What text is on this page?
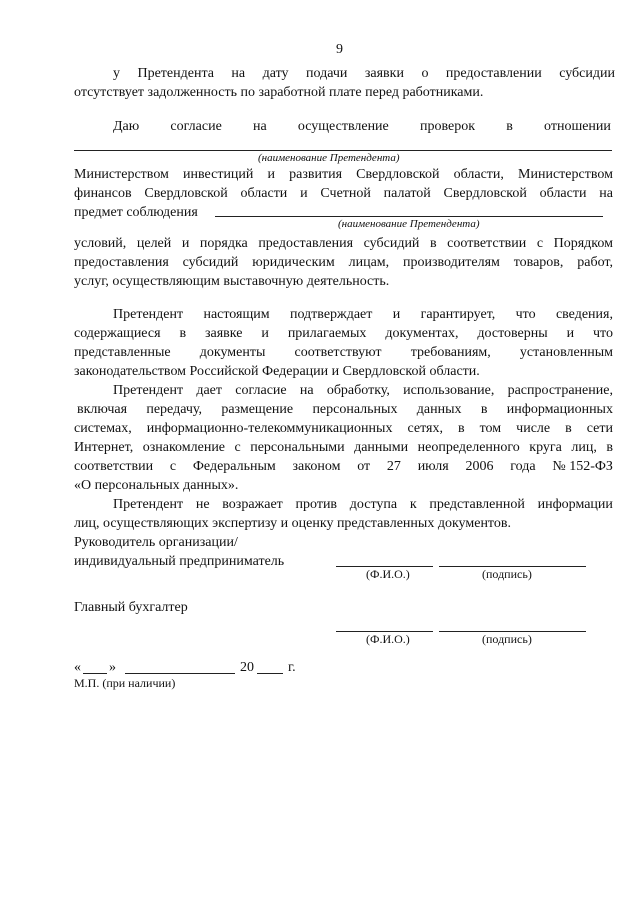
9
у Претендента на дату подачи заявки о предоставлении субсидии
отсутствует задолженность по заработной плате перед работниками.
Даю согласие на осуществление проверок в отношении
(наименование Претендента)
Министерством инвестиций и развития Свердловской области, Министерством
финансов Свердловской области и Счетной палатой Свердловской области на
предмет соблюдения
(наименование Претендента)
условий, целей и порядка предоставления субсидий в соответствии с Порядком
предоставления субсидий юридическим лицам, производителям товаров, работ,
услуг, осуществляющим выставочную деятельность.
Претендент настоящим подтверждает и гарантирует, что сведения,
содержащиеся в заявке и прилагаемых документах, достоверны и что
представленные документы соответствуют требованиям, установленным
законодательством Российской Федерации и Свердловской области.
Претендент дает согласие на обработку, использование, распространение,
включая передачу, размещение персональных данных в информационных
системах, информационно-телекоммуникационных сетях, в том числе в сети
Интернет, ознакомление с персональными данными неопределенного круга лиц, в
соответствии с Федеральным законом от 27 июля 2006 года № 152-ФЗ
«О персональных данных».
Претендент не возражает против доступа к представленной информации
лиц, осуществляющих экспертизу и оценку представленных документов.
Руководитель организации/
индивидуальный предприниматель
(Ф.И.О.)	(подпись)
Главный бухгалтер
(Ф.И.О.)	(подпись)
« »	20 г.
М.П. (при наличии)
